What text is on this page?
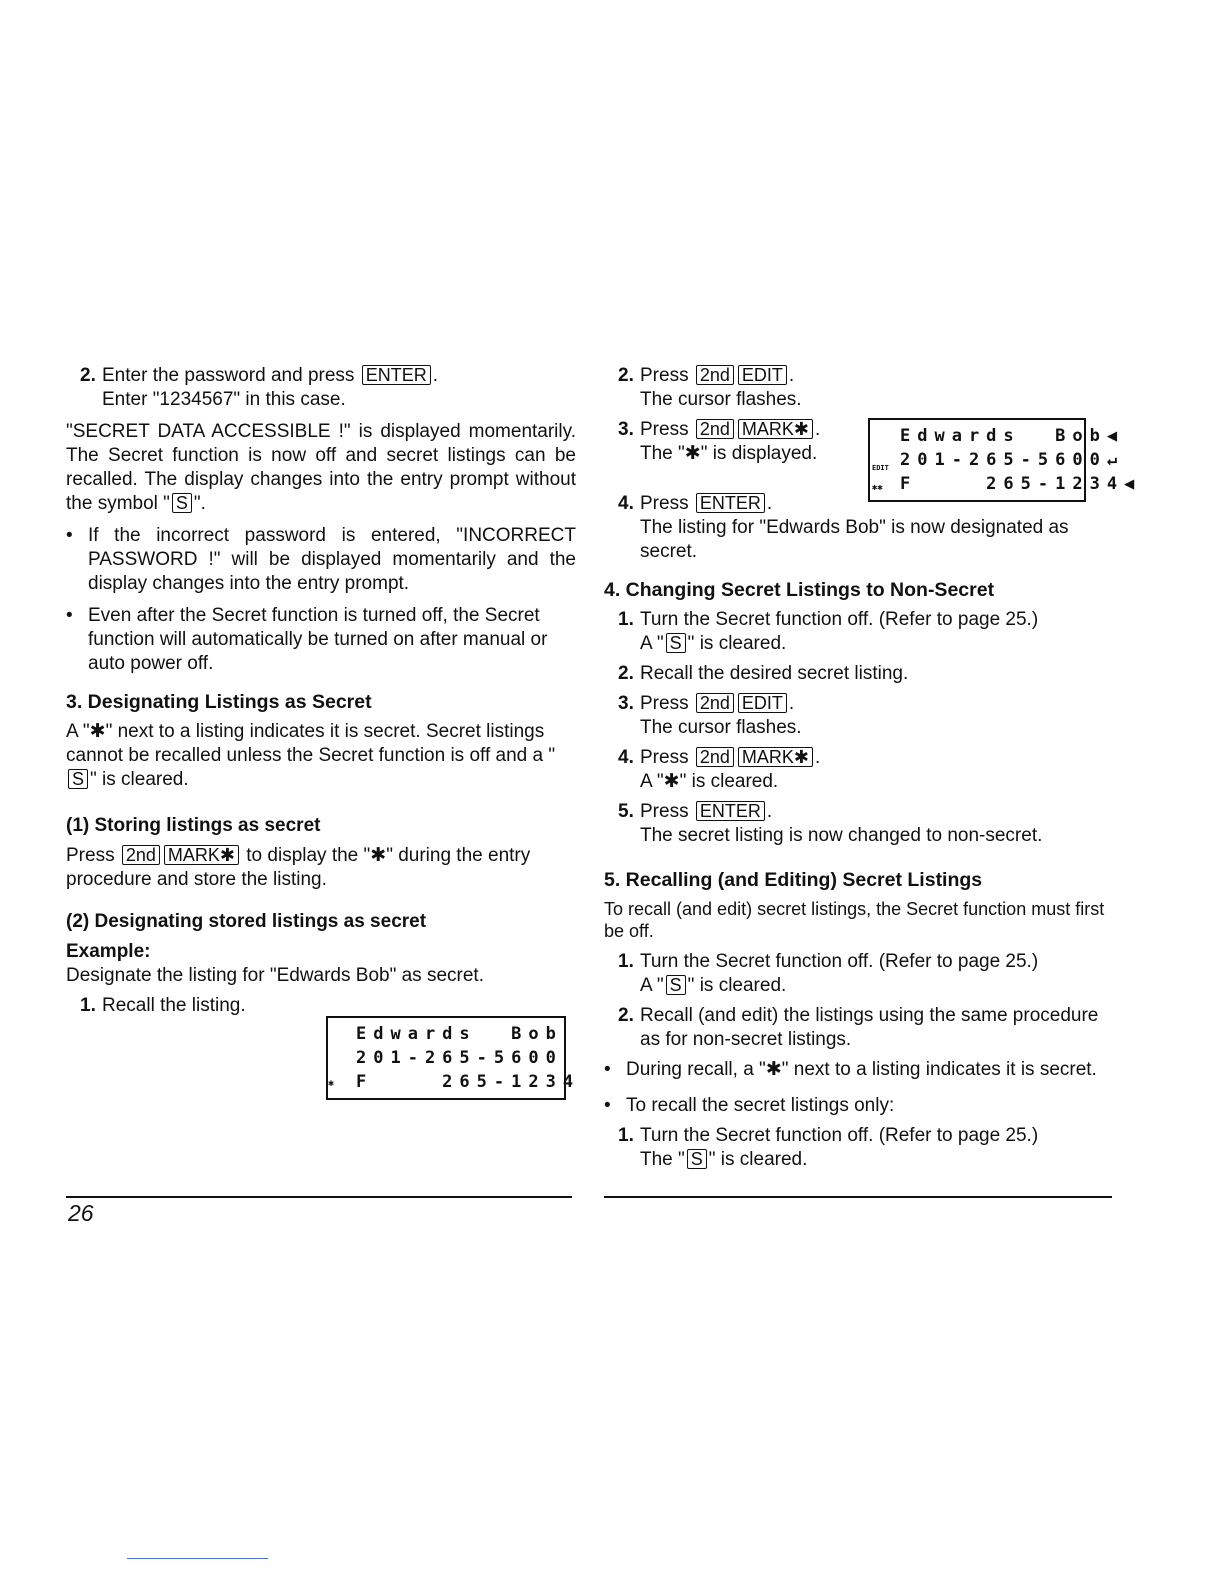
2. Enter the password and press ENTER .

Enter "1234567" in this case.

"SECRET DATA ACCESSIBLE !" is displayed momentarily. The Secret function is now off and secret listings can be recalled. The display changes into the entry prompt without the symbol " S ".

• If the incorrect password is entered, "INCORRECT PASSWORD !" will be displayed momentarily and the display changes into the entry prompt.

• Even after the Secret function is turned off, the Secret function will automatically be turned on after manual or auto power off.

3. Designating Listings as Secret

A "✱" next to a listing indicates it is secret. Secret listings cannot be recalled unless the Secret function is off and a "S " is cleared.

(1) Storing listings as secret

Press 2nd MARK✱ to display the "✱" during the entry procedure and store the listing.

(2) Designating stored listings as secret

Example:

Designate the listing for "Edwards Bob" as secret.

1. Recall the listing.

Edwards  Bob
201-265-5600
✱ F    265-1234
2. Press 2nd EDIT .

The cursor flashes.

3. Press 2nd MARK✱ .

The "✱" is displayed.

4. Press ENTER .

The listing for "Edwards Bob" is now designated as secret.

4. Changing Secret Listings to Non-Secret

1. Turn the Secret function off. (Refer to page 25.)

A " S " is cleared.

2. Recall the desired secret listing.

3. Press 2nd EDIT .

The cursor flashes.

4. Press 2nd MARK✱ .

A "✱" is cleared.

5. Press ENTER .

The secret listing is now changed to non-secret.

5. Recalling (and Editing) Secret Listings

To recall (and edit) secret listings, the Secret function must first be off.

1. Turn the Secret function off. (Refer to page 25.)

A " S " is cleared.

2. Recall (and edit) the listings using the same procedure as for non-secret listings.

• During recall, a "✱" next to a listing indicates it is secret.

• To recall the secret listings only:

1. Turn the Secret function off. (Refer to page 25.)

The " S " is cleared.

Edwards  Bob◀
EDIT 201-265-5600↵
✱✱ F    265-1234◀
26
